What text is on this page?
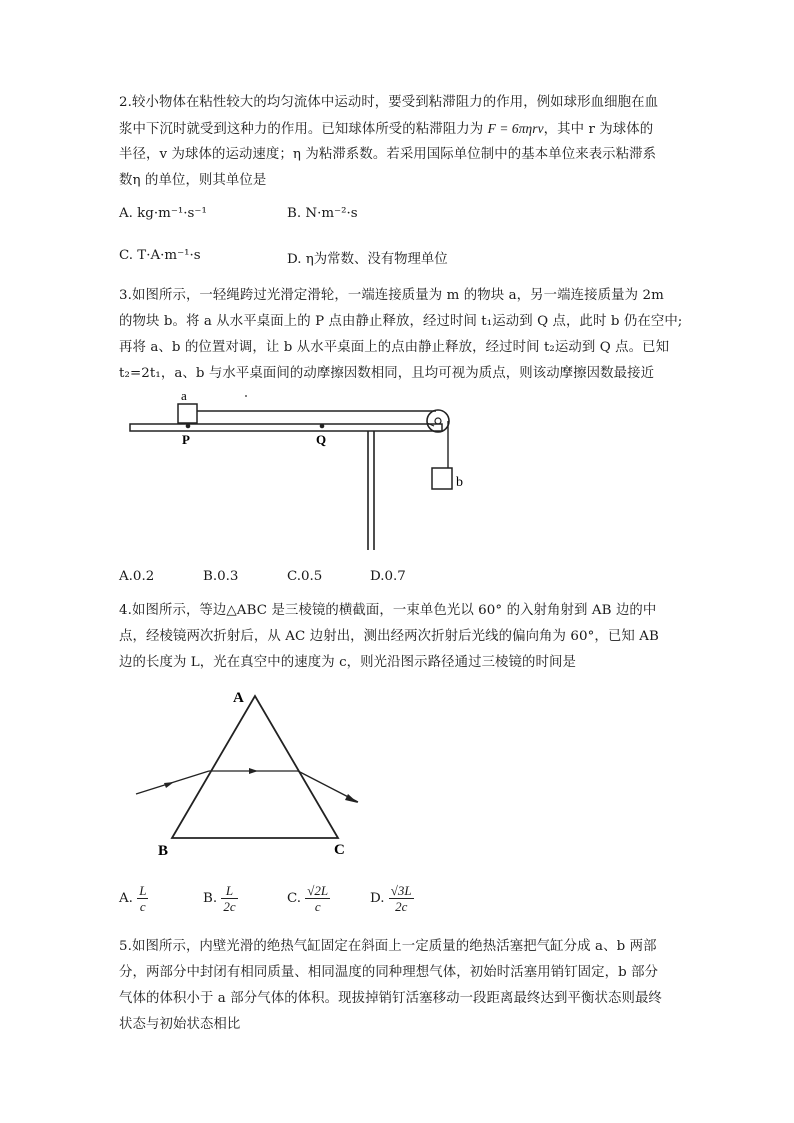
2.较小物体在粘性较大的均匀流体中运动时，要受到粘滞阻力的作用，例如球形血细胞在血
浆中下沉时就受到这种力的作用。已知球体所受的粘滞阻力为 F = 6πηrv，其中 r 为球体的
半径，v 为球体的运动速度；η 为粘滞系数。若采用国际单位制中的基本单位来表示粘滞系
数η 的单位，则其单位是
A. kg·m⁻¹·s⁻¹	B. N·m⁻²·s
C. T·A·m⁻¹·s	D. η为常数、没有物理单位
3.如图所示，一轻绳跨过光滑定滑轮，一端连接质量为 m 的物块 a，另一端连接质量为 2m
的物块 b。将 a 从水平桌面上的 P 点由静止释放，经过时间 t₁运动到 Q 点，此时 b 仍在空中;
再将 a、b 的位置对调，让 b 从水平桌面上的点由静止释放，经过时间 t₂运动到 Q 点。已知
t₂=2t₁，a、b 与水平桌面间的动摩擦因数相同，且均可视为质点，则该动摩擦因数最接近
a
b
P	Q
A.0.2	B.0.3	C.0.5	D.0.7
4.如图所示，等边△ABC 是三棱镜的横截面，一束单色光以 60° 的入射角射到 AB 边的中
点，经棱镜两次折射后，从 AC 边射出，测出经两次折射后光线的偏向角为 60°，已知 AB
边的长度为 L，光在真空中的速度为 c，则光沿图示路径通过三棱镜的时间是
A
B	C
A. $\frac{L}{c}$	B. $\frac{L}{2c}$	C. $\frac{√2L}{c}$	D. $\frac{√3L}{2c}$
5.如图所示，内壁光滑的绝热气缸固定在斜面上一定质量的绝热活塞把气缸分成 a、b 两部
分，两部分中封闭有相同质量、相同温度的同种理想气体，初始时活塞用销钉固定，b 部分
气体的体积小于 a 部分气体的体积。现拔掉销钉活塞移动一段距离最终达到平衡状态则最终
状态与初始状态相比
